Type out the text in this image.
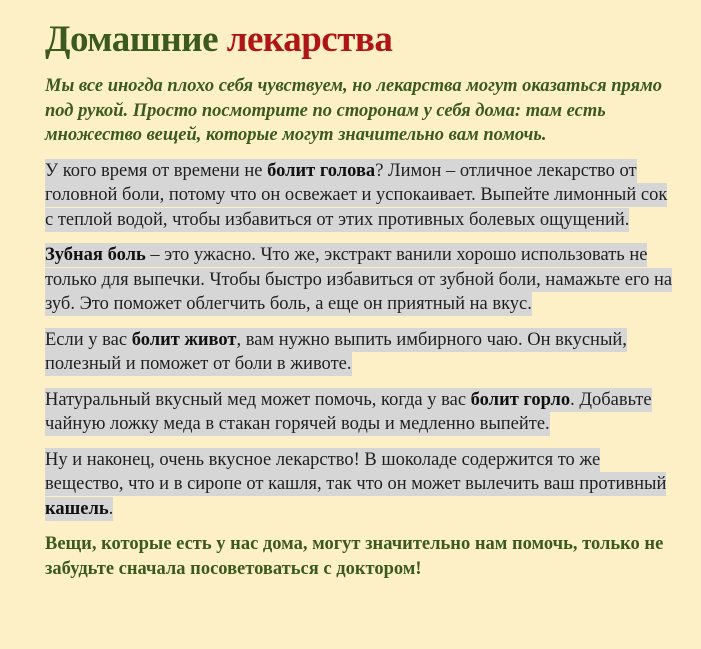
Домашние лекарства

Мы все иногда плохо себя чувствуем, но лекарства могут оказаться прямо под рукой. Просто посмотрите по сторонам у себя дома: там есть множество вещей, которые могут значительно вам помочь.

У кого время от времени не болит голова? Лимон – отличное лекарство от головной боли, потому что он освежает и успокаивает. Выпейте лимонный сок с теплой водой, чтобы избавиться от этих противных болевых ощущений.

Зубная боль – это ужасно. Что же, экстракт ванили хорошо использовать не только для выпечки. Чтобы быстро избавиться от зубной боли, намажьте его на зуб. Это поможет облегчить боль, а еще он приятный на вкус.

Если у вас болит живот, вам нужно выпить имбирного чаю. Он вкусный, полезный и поможет от боли в животе.

Натуральный вкусный мед может помочь, когда у вас болит горло. Добавьте чайную ложку меда в стакан горячей воды и медленно выпейте.

Ну и наконец, очень вкусное лекарство! В шоколаде содержится то же вещество, что и в сиропе от кашля, так что он может вылечить ваш противный кашель.

Вещи, которые есть у нас дома, могут значительно нам помочь, только не забудьте сначала посоветоваться с доктором!
